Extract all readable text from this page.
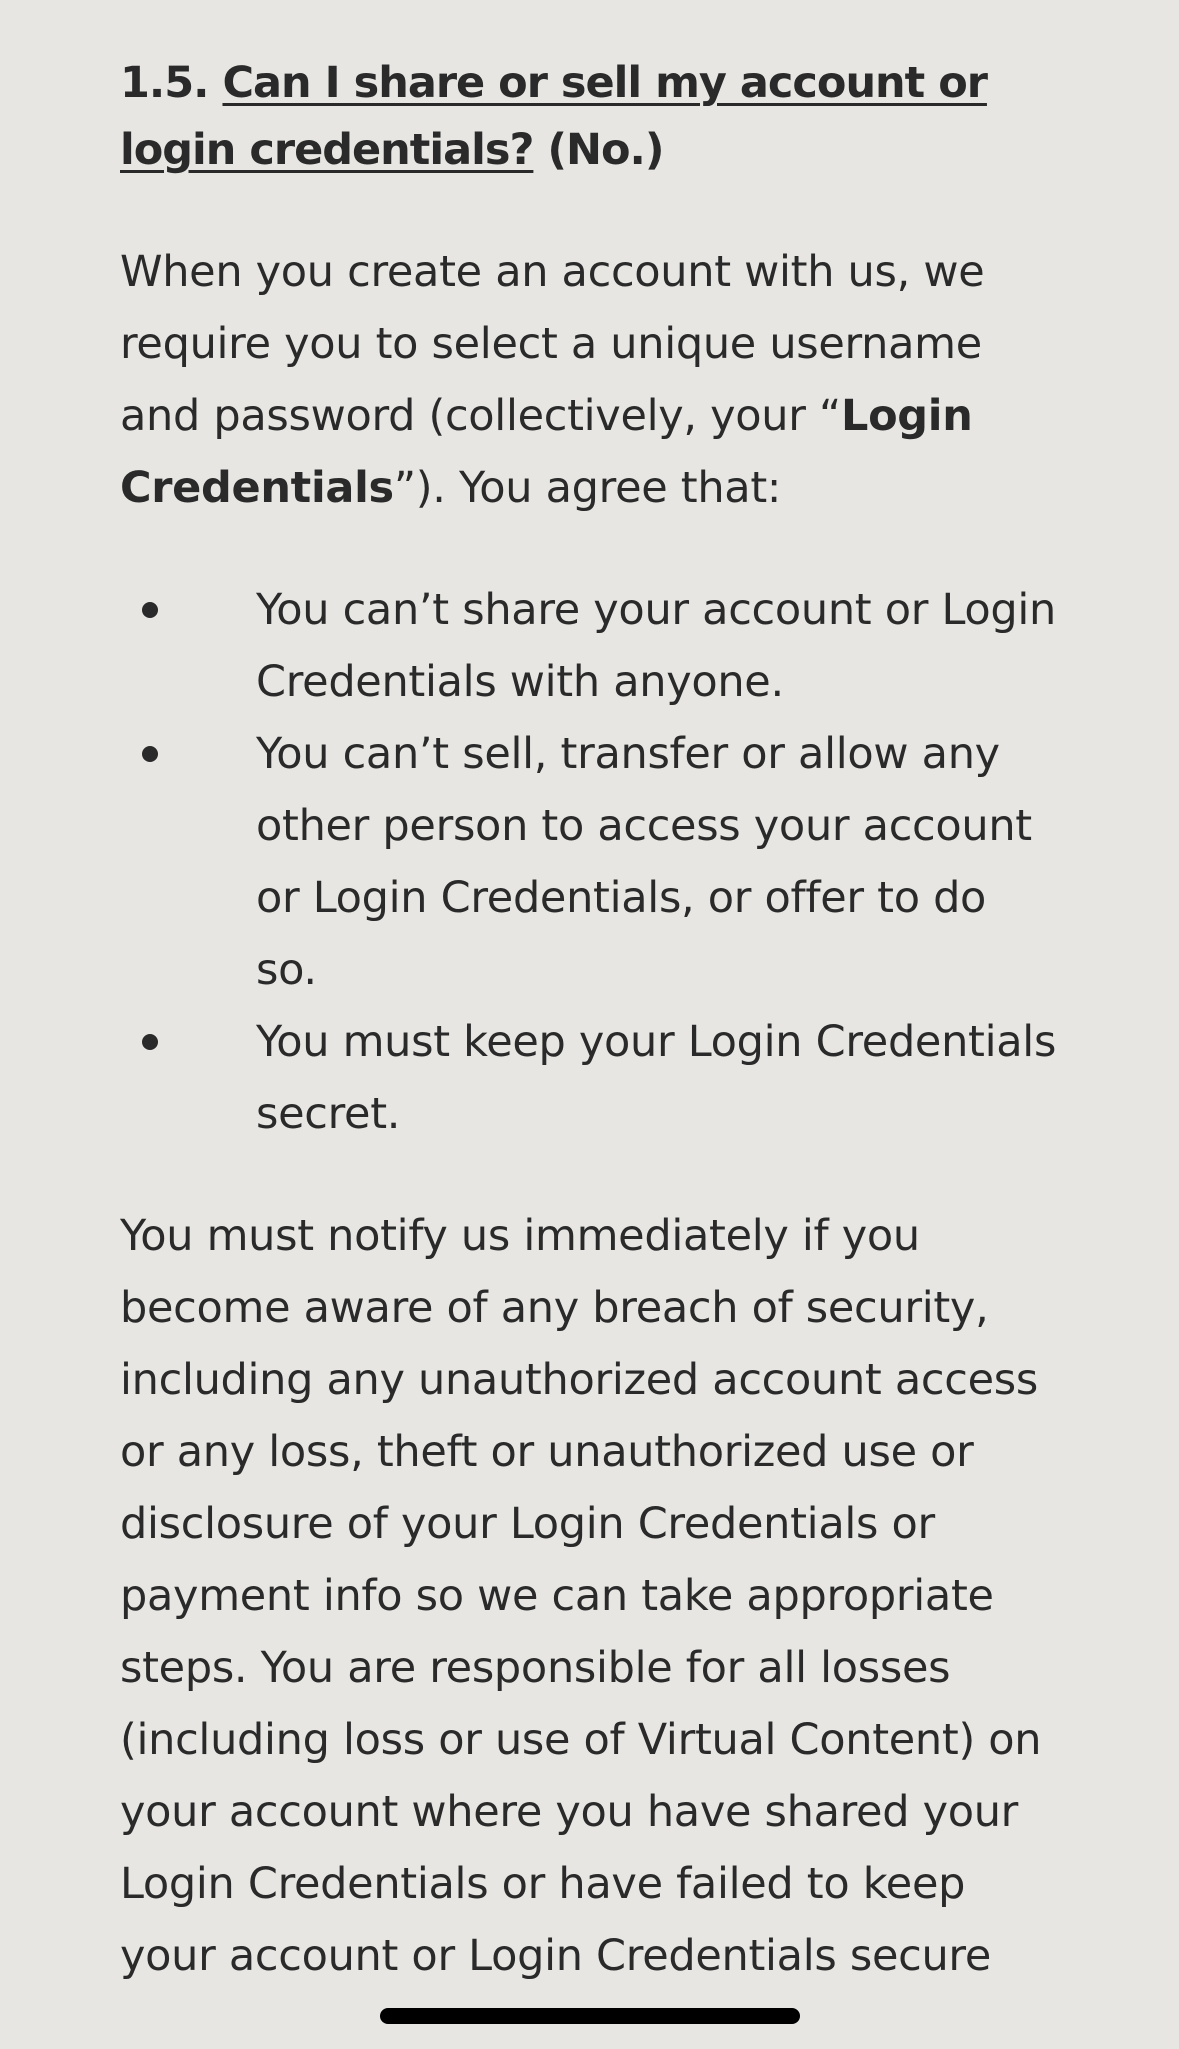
1.5. Can I share or sell my account or login credentials? (No.)

When you create an account with us, we require you to select a unique username and password (collectively, your “Login Credentials”). You agree that:

You can’t share your account or Login Credentials with anyone.
You can’t sell, transfer or allow any other person to access your account or Login Credentials, or offer to do so.
You must keep your Login Credentials secret.

You must notify us immediately if you become aware of any breach of security, including any unauthorized account access or any loss, theft or unauthorized use or disclosure of your Login Credentials or payment info so we can take appropriate steps. You are responsible for all losses (including loss or use of Virtual Content) on your account where you have shared your Login Credentials or have failed to keep your account or Login Credentials secure
